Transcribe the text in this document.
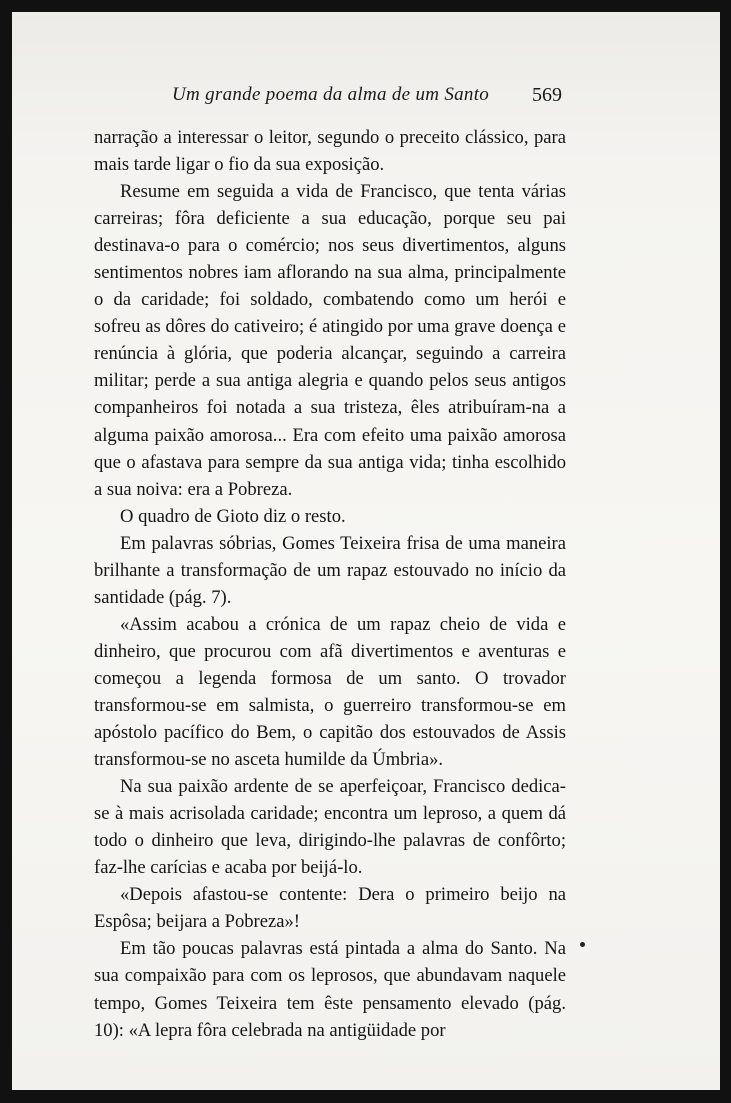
Um grande poema da alma de um Santo 569

narração a interessar o leitor, segundo o preceito clássico, para mais tarde ligar o fio da sua exposição.

Resume em seguida a vida de Francisco, que tenta várias carreiras; fôra deficiente a sua educação, porque seu pai destinava-o para o comércio; nos seus divertimentos, alguns sentimentos nobres iam aflorando na sua alma, principalmente o da caridade; foi soldado, combatendo como um herói e sofreu as dôres do cativeiro; é atingido por uma grave doença e renúncia à glória, que poderia alcançar, seguindo a carreira militar; perde a sua antiga alegria e quando pelos seus antigos companheiros foi notada a sua tristeza, êles atribuíram-na a alguma paixão amorosa... Era com efeito uma paixão amorosa que o afastava para sempre da sua antiga vida; tinha escolhido a sua noiva: era a Pobreza.

O quadro de Gioto diz o resto.

Em palavras sóbrias, Gomes Teixeira frisa de uma maneira brilhante a transformação de um rapaz estouvado no início da santidade (pág. 7).

«Assim acabou a crónica de um rapaz cheio de vida e dinheiro, que procurou com afã divertimentos e aventuras e começou a legenda formosa de um santo. O trovador transformou-se em salmista, o guerreiro transformou-se em apóstolo pacífico do Bem, o capitão dos estouvados de Assis transformou-se no asceta humilde da Úmbria».

Na sua paixão ardente de se aperfeiçoar, Francisco dedica-se à mais acrisolada caridade; encontra um leproso, a quem dá todo o dinheiro que leva, dirigindo-lhe palavras de confôrto; faz-lhe carícias e acaba por beijá-lo.

«Depois afastou-se contente: Dera o primeiro beijo na Espôsa; beijara a Pobreza»!

Em tão poucas palavras está pintada a alma do Santo. Na sua compaixão para com os leprosos, que abundavam naquele tempo, Gomes Teixeira tem êste pensamento elevado (pág. 10): «A lepra fôra celebrada na antigüidade por
